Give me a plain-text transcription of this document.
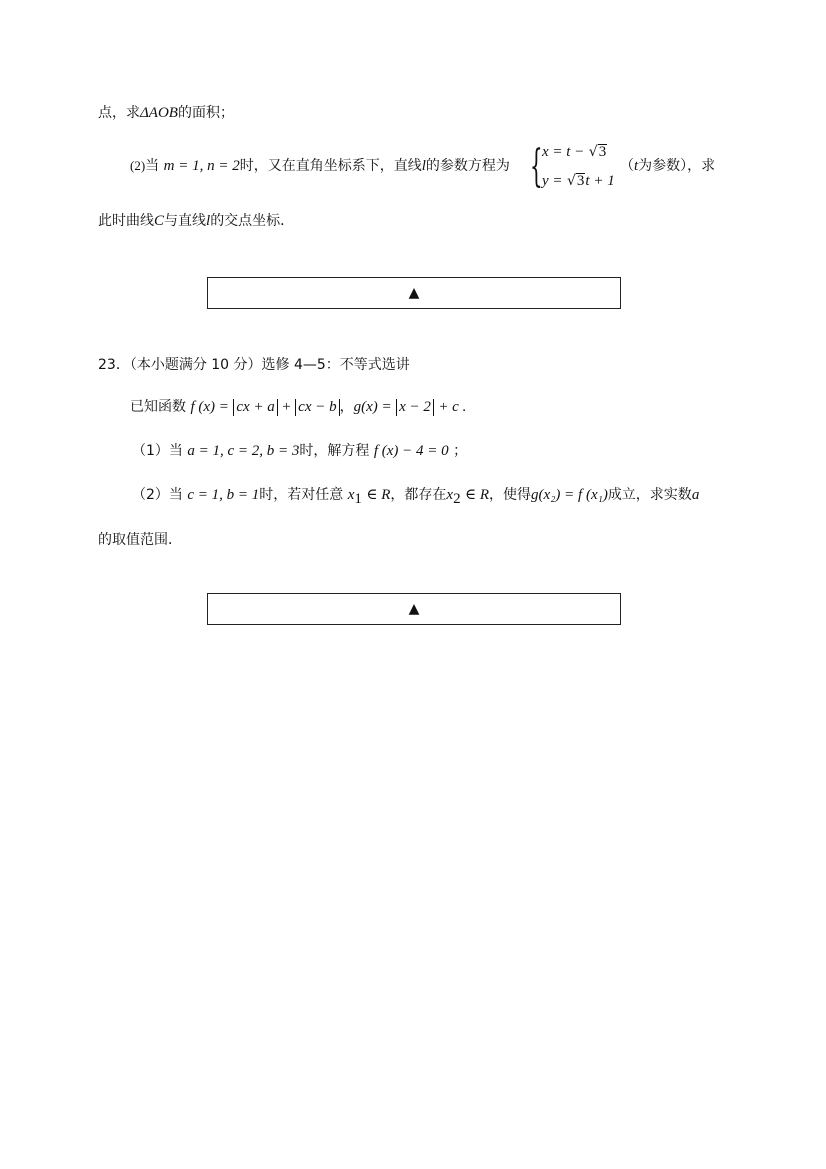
点，求ΔAOB的面积；
(2)当 m = 1, n = 2时，又在直角坐标系下，直线l的参数方程为 { x = t − √3
y = √3t + 1
（t为参数），求
此时曲线C与直线l的交点坐标．
▲
23．（本小题满分 10 分）选修 4—5：不等式选讲
已知函数 f (x) = cx + a + cx − b ，g(x) = x − 2 + c .
（1）当 a = 1, c = 2, b = 3时，解方程 f (x) − 4 = 0 ；
（2）当 c = 1, b = 1时，若对任意 $x_1$ ∈ R，都存在$x_2$ ∈ R，使得g(x₂) = f (x₁)成立，求实数a
的取值范围．
▲
